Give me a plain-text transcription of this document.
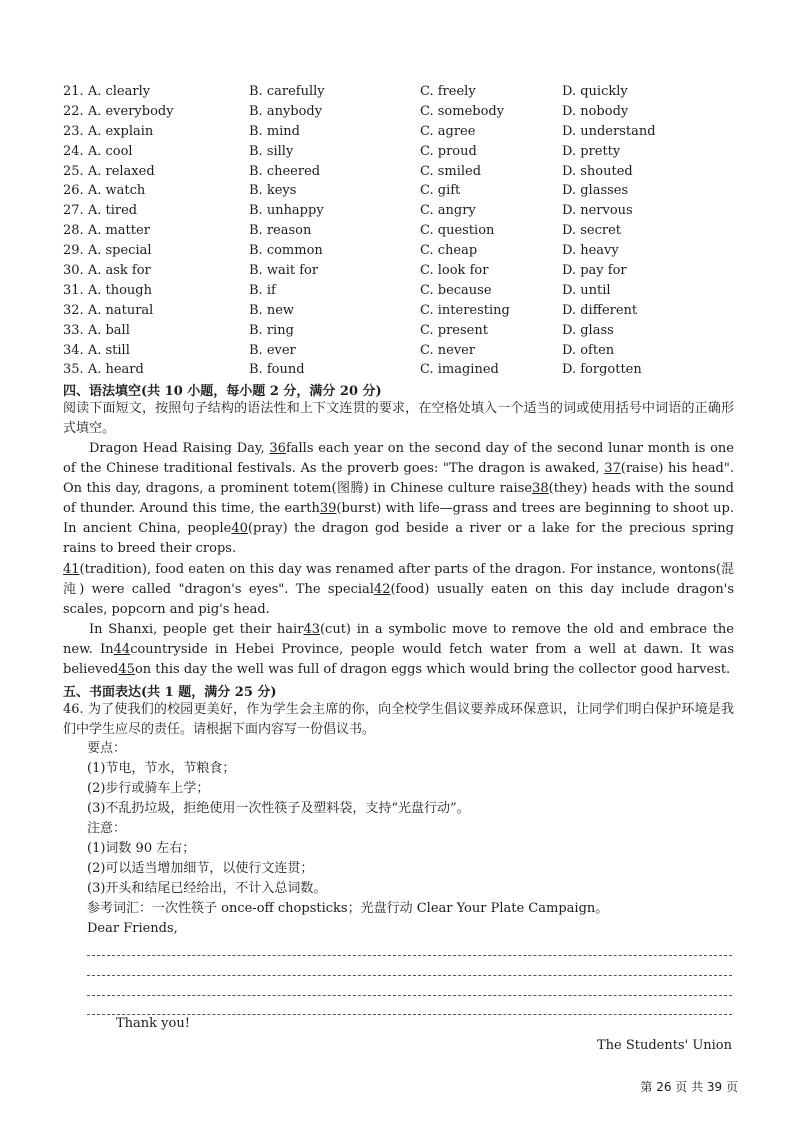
21. A. clearly	B. carefully	C. freely	D. quickly
22. A. everybody	B. anybody	C. somebody	D. nobody
23. A. explain	B. mind	C. agree	D. understand
24. A. cool	B. silly	C. proud	D. pretty
25. A. relaxed	B. cheered	C. smiled	D. shouted
26. A. watch	B. keys	C. gift	D. glasses
27. A. tired	B. unhappy	C. angry	D. nervous
28. A. matter	B. reason	C. question	D. secret
29. A. special	B. common	C. cheap	D. heavy
30. A. ask for	B. wait for	C. look for	D. pay for
31. A. though	B. if	C. because	D. until
32. A. natural	B. new	C. interesting	D. different
33. A. ball	B. ring	C. present	D. glass
34. A. still	B. ever	C. never	D. often
35. A. heard	B. found	C. imagined	D. forgotten
四、语法填空(共 10 小题，每小题 2 分，满分 20 分)
阅读下面短文，按照句子结构的语法性和上下文连贯的要求，在空格处填入一个适当的词或使用括号中词语的正确形式填空。

Dragon Head Raising Day, 36falls each year on the second day of the second lunar month is one of the Chinese traditional festivals. As the proverb goes: "The dragon is awaked, 37(raise) his head". On this day, dragons, a prominent totem(图腾) in Chinese culture raise38(they) heads with the sound of thunder. Around this time, the earth39(burst) with life—grass and trees are beginning to shoot up. In ancient China, people40(pray) the dragon god beside a river or a lake for the precious spring rains to breed their crops.

41(tradition), food eaten on this day was renamed after parts of the dragon. For instance, wontons(混沌) were called "dragon's eyes". The special42(food) usually eaten on this day include dragon's scales, popcorn and pig's head.

In Shanxi, people get their hair43(cut) in a symbolic move to remove the old and embrace the new. In44countryside in Hebei Province, people would fetch water from a well at dawn. It was believed45on this day the well was full of dragon eggs which would bring the collector good harvest.

五、书面表达(共 1 题，满分 25 分)
46. 为了使我们的校园更美好，作为学生会主席的你，向全校学生倡议要养成环保意识，让同学们明白保护环境是我们中学生应尽的责任。请根据下面内容写一份倡议书。
要点：
(1)节电，节水，节粮食；
(2)步行或骑车上学；
(3)不乱扔垃圾，拒绝使用一次性筷子及塑料袋，支持“光盘行动”。
注意：
(1)词数 90 左右；
(2)可以适当增加细节，以使行文连贯；
(3)开头和结尾已经给出，不计入总词数。
参考词汇：一次性筷子 once-off chopsticks；光盘行动 Clear Your Plate Campaign。
Dear Friends,
Thank you!
The Students' Union
第 26 页 共 39 页
